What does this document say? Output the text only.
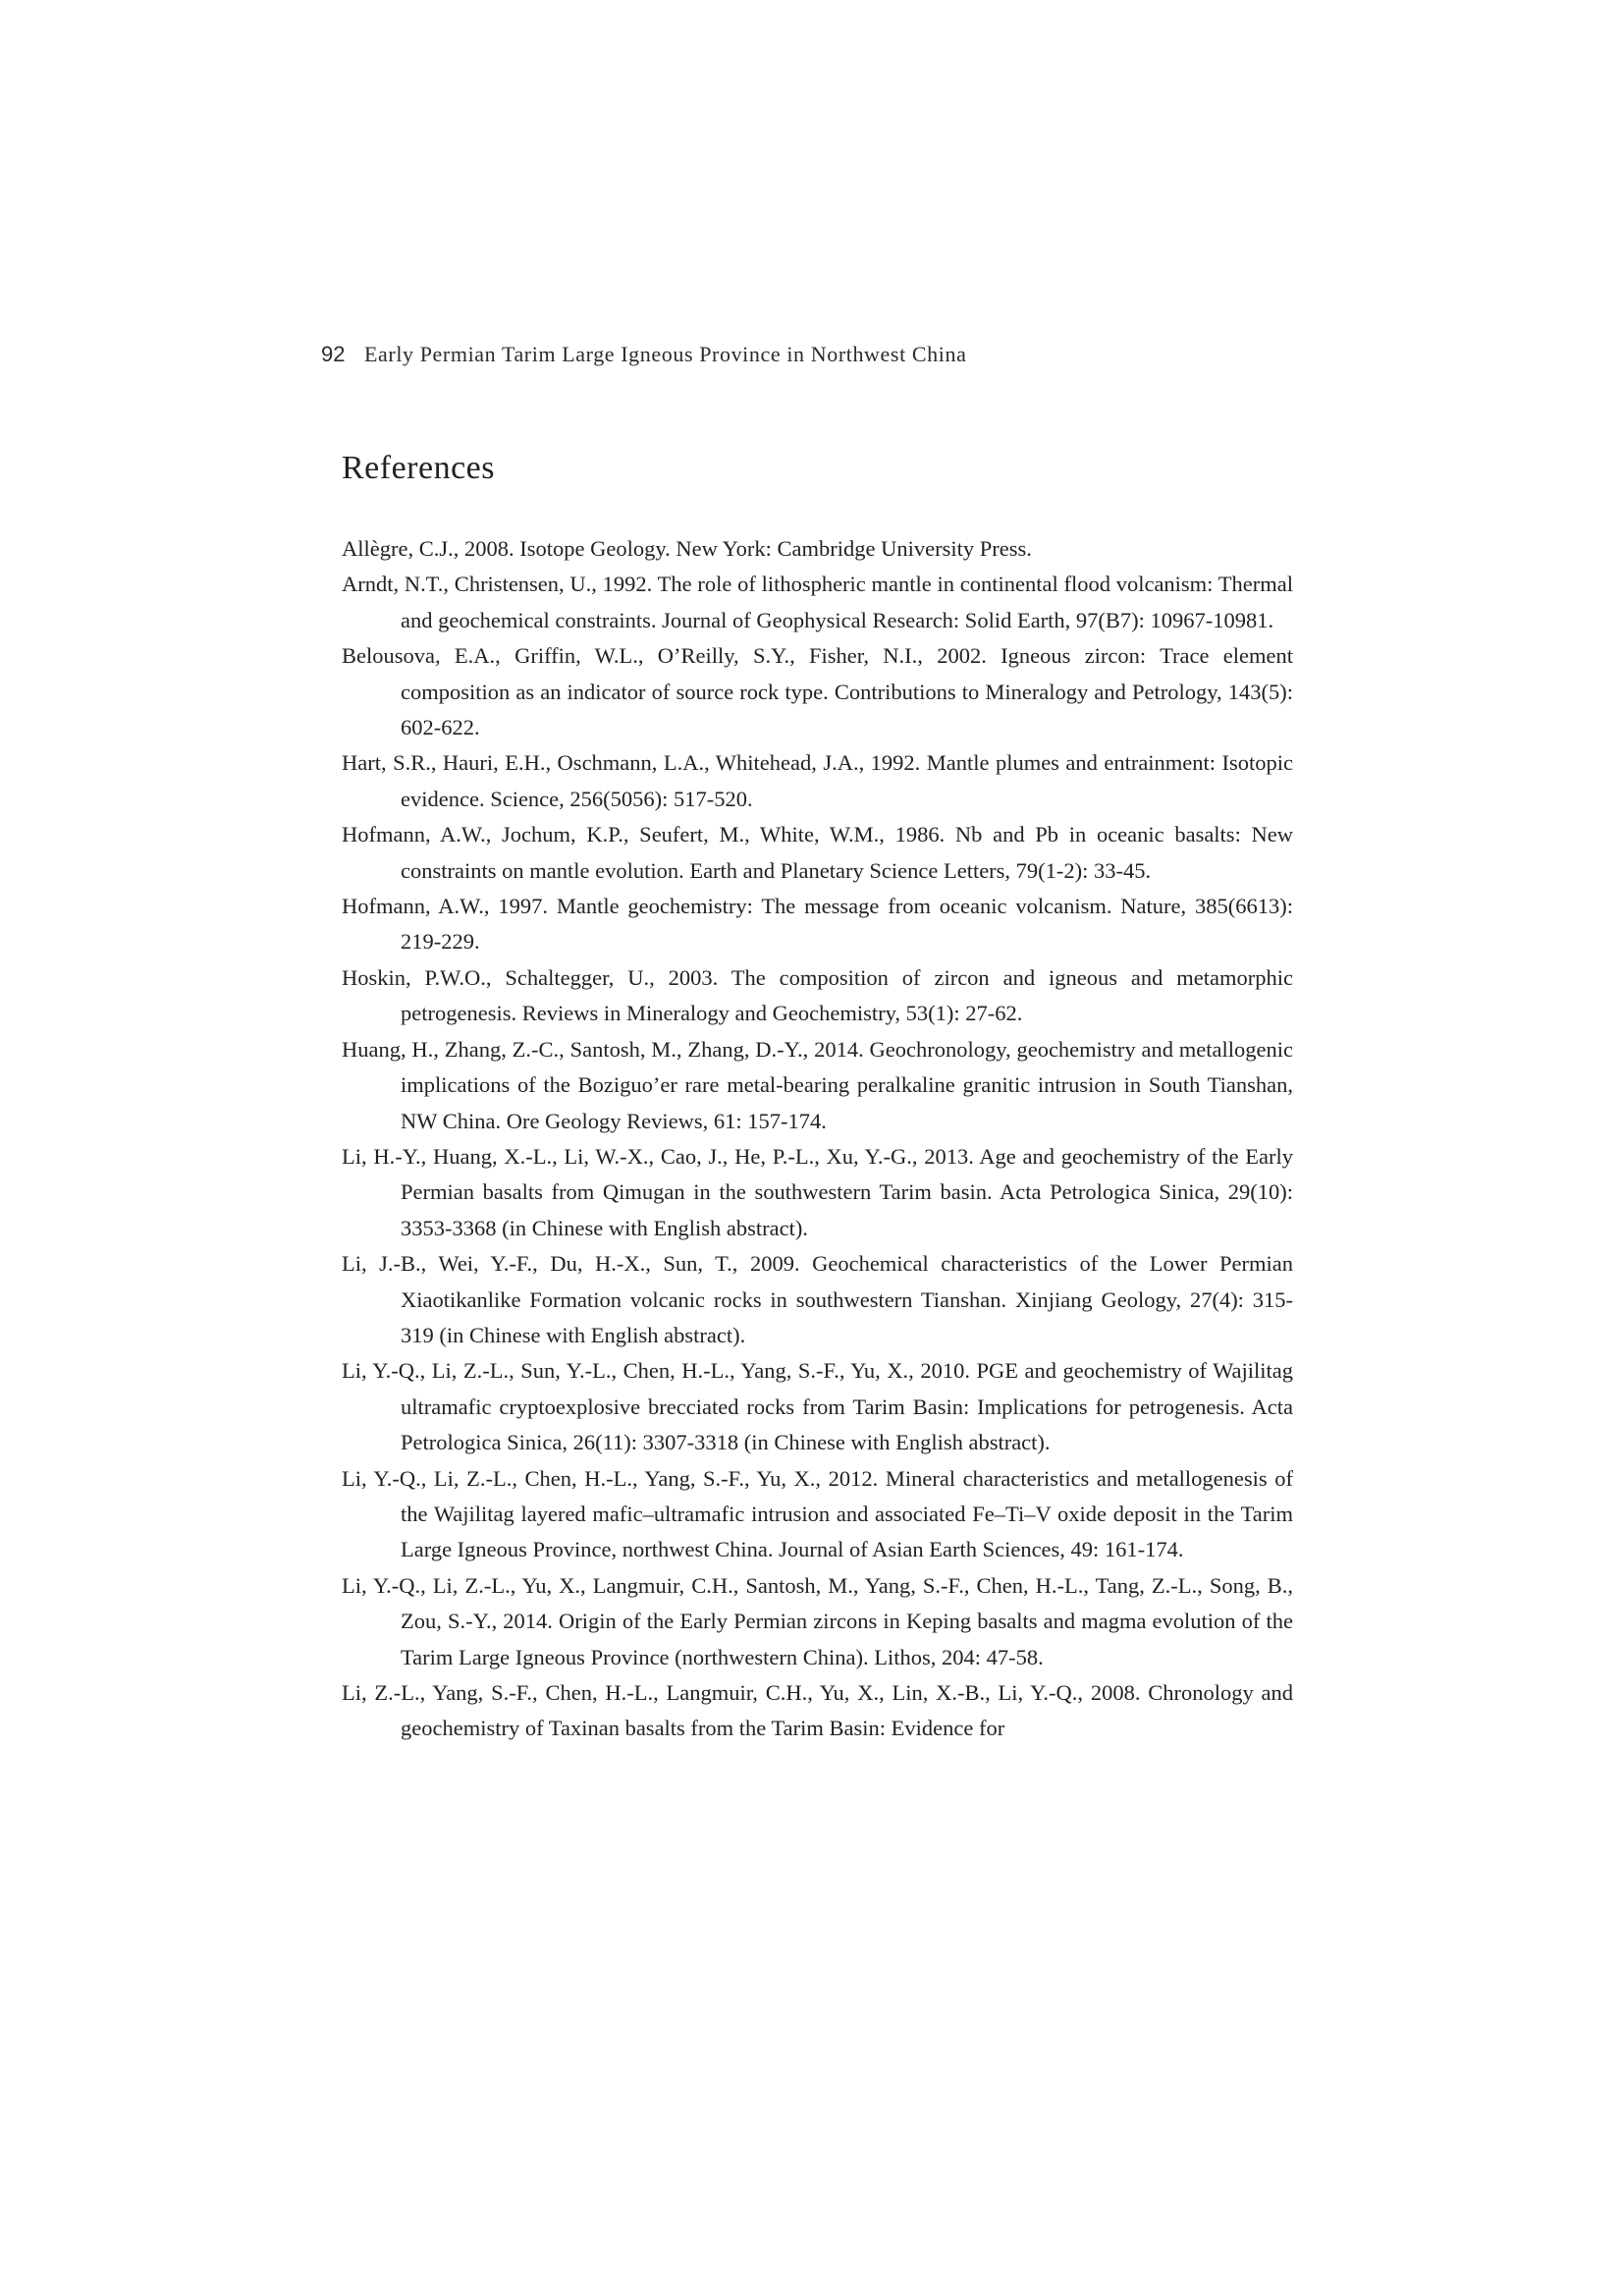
92 Early Permian Tarim Large Igneous Province in Northwest China
References

Allègre, C.J., 2008. Isotope Geology. New York: Cambridge University Press.

Arndt, N.T., Christensen, U., 1992. The role of lithospheric mantle in continental flood volcanism: Thermal and geochemical constraints. Journal of Geophysical Research: Solid Earth, 97(B7): 10967-10981.

Belousova, E.A., Griffin, W.L., O’Reilly, S.Y., Fisher, N.I., 2002. Igneous zircon: Trace element composition as an indicator of source rock type. Contributions to Mineralogy and Petrology, 143(5): 602-622.

Hart, S.R., Hauri, E.H., Oschmann, L.A., Whitehead, J.A., 1992. Mantle plumes and entrainment: Isotopic evidence. Science, 256(5056): 517-520.

Hofmann, A.W., Jochum, K.P., Seufert, M., White, W.M., 1986. Nb and Pb in oceanic basalts: New constraints on mantle evolution. Earth and Planetary Science Letters, 79(1-2): 33-45.

Hofmann, A.W., 1997. Mantle geochemistry: The message from oceanic volcanism. Nature, 385(6613): 219-229.

Hoskin, P.W.O., Schaltegger, U., 2003. The composition of zircon and igneous and metamorphic petrogenesis. Reviews in Mineralogy and Geochemistry, 53(1): 27-62.

Huang, H., Zhang, Z.-C., Santosh, M., Zhang, D.-Y., 2014. Geochronology, geochemistry and metallogenic implications of the Boziguo’er rare metal-bearing peralkaline granitic intrusion in South Tianshan, NW China. Ore Geology Reviews, 61: 157-174.

Li, H.-Y., Huang, X.-L., Li, W.-X., Cao, J., He, P.-L., Xu, Y.-G., 2013. Age and geochemistry of the Early Permian basalts from Qimugan in the southwestern Tarim basin. Acta Petrologica Sinica, 29(10): 3353-3368 (in Chinese with English abstract).

Li, J.-B., Wei, Y.-F., Du, H.-X., Sun, T., 2009. Geochemical characteristics of the Lower Permian Xiaotikanlike Formation volcanic rocks in southwestern Tianshan. Xinjiang Geology, 27(4): 315-319 (in Chinese with English abstract).

Li, Y.-Q., Li, Z.-L., Sun, Y.-L., Chen, H.-L., Yang, S.-F., Yu, X., 2010. PGE and geochemistry of Wajilitag ultramafic cryptoexplosive brecciated rocks from Tarim Basin: Implications for petrogenesis. Acta Petrologica Sinica, 26(11): 3307-3318 (in Chinese with English abstract).

Li, Y.-Q., Li, Z.-L., Chen, H.-L., Yang, S.-F., Yu, X., 2012. Mineral characteristics and metallogenesis of the Wajilitag layered mafic–ultramafic intrusion and associated Fe–Ti–V oxide deposit in the Tarim Large Igneous Province, northwest China. Journal of Asian Earth Sciences, 49: 161-174.

Li, Y.-Q., Li, Z.-L., Yu, X., Langmuir, C.H., Santosh, M., Yang, S.-F., Chen, H.-L., Tang, Z.-L., Song, B., Zou, S.-Y., 2014. Origin of the Early Permian zircons in Keping basalts and magma evolution of the Tarim Large Igneous Province (northwestern China). Lithos, 204: 47-58.

Li, Z.-L., Yang, S.-F., Chen, H.-L., Langmuir, C.H., Yu, X., Lin, X.-B., Li, Y.-Q., 2008. Chronology and geochemistry of Taxinan basalts from the Tarim Basin: Evidence for
